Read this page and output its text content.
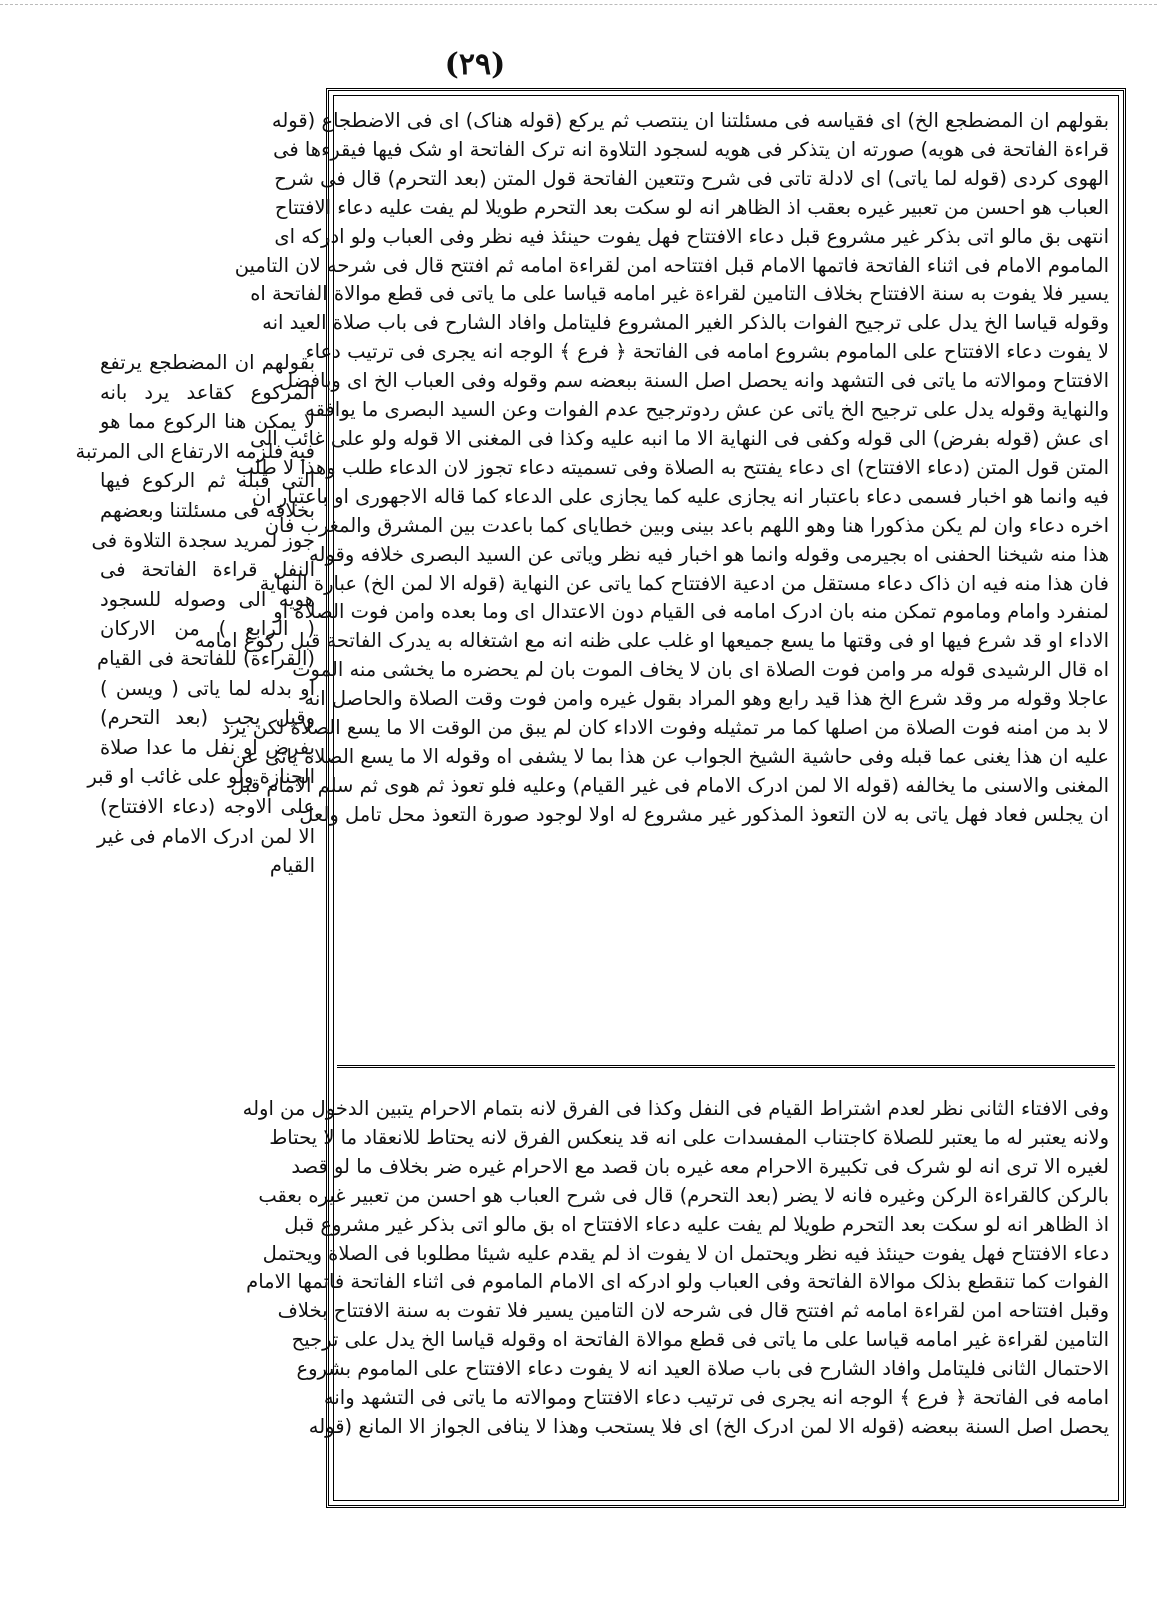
(٢٩)

بقولهم ان المضطجع یرتفع

المرکوع کقاعد یرد بانه

لا یمکن هنا الرکوع مما هو

فیه فلزمه الارتفاع الی المرتبة

التی قبله ثم الرکوع فیها

بخلافه فی مسئلتنا وبعضهم

جوز لمرید سجدة التلاوة فی

النفل قراءة الفاتحة فی

هویه الی وصوله للسجود

( الرابع ) من الارکان

(القراءة) للفاتحة فی القیام

او بدله لما یاتی ( ویسن )

وقیل یجب (بعد التحرم)

بفرض او نفل ما عدا صلاة

الجنازة ولو علی غائب او قبر

علی الاوجه (دعاء الافتتاح)

الا لمن ادرک الامام فی غیر

القیام

بقولهم ان المضطجع الخ) ای فقیاسه فی مسئلتنا ان ینتصب ثم یرکع (قوله هناک) ای فی الاضطجاع (قوله

قراءة الفاتحة فی هویه) صورته ان یتذکر فی هویه لسجود التلاوة انه ترک الفاتحة او شک فیها فیقرءها فی

الهوی کردی (قوله لما یاتی) ای لادلة تاتی فی شرح وتتعین الفاتحة قول المتن (بعد التحرم) قال فی شرح

العباب هو احسن من تعبیر غیره بعقب اذ الظاهر انه لو سکت بعد التحرم طویلا لم یفت علیه دعاء الافتتاح

انتهی بق مالو اتی بذکر غیر مشروع قبل دعاء الافتتاح فهل یفوت حینئذ فیه نظر وفی العباب ولو ادرکه ای

الماموم الامام فی اثناء الفاتحة فاتمها الامام قبل افتتاحه امن لقراءة امامه ثم افتتح قال فی شرحه لان التامین

یسیر فلا یفوت به سنة الافتتاح بخلاف التامین لقراءة غیر امامه قیاسا علی ما یاتی فی قطع موالاة الفاتحة اه

وقوله قیاسا الخ یدل علی ترجیح الفوات بالذکر الغیر المشروع فلیتامل وافاد الشارح فی باب صلاة العید انه

لا یفوت دعاء الافتتاح علی الماموم بشروع امامه فی الفاتحة ﴿ فرع ﴾ الوجه انه یجری فی ترتیب دعاء

الافتتاح وموالاته ما یاتی فی التشهد وانه یحصل اصل السنة ببعضه سم وقوله وفی العباب الخ ای وبافضل

والنهایة وقوله یدل علی ترجیح الخ یاتی عن عش ردوترجیح عدم الفوات وعن السید البصری ما یوافقه

ای عش (قوله بفرض) الی قوله وکفی فی النهایة الا ما انبه علیه وکذا فی المغنی الا قوله ولو علی غائب الی

المتن قول المتن (دعاء الافتتاح) ای دعاء یفتتح به الصلاة وفی تسمیته دعاء تجوز لان الدعاء طلب وهذا لا طلب

فیه وانما هو اخبار فسمی دعاء باعتبار انه یجازی علیه کما یجازی علی الدعاء کما قاله الاجهوری او باعتبار ان

اخره دعاء وان لم یکن مذکورا هنا وهو اللهم باعد بینی وبین خطایای کما باعدت بین المشرق والمغرب فان

هذا منه شیخنا الحفنی اه بجیرمی وقوله وانما هو اخبار فیه نظر ویاتی عن السید البصری خلافه وقوله

فان هذا منه فیه ان ذاک دعاء مستقل من ادعیة الافتتاح کما یاتی عن النهایة (قوله الا لمن الخ) عبارة النهایة

لمنفرد وامام وماموم تمکن منه بان ادرک امامه فی القیام دون الاعتدال ای وما بعده وامن فوت الصلاة او

الاداء او قد شرع فیها او فی وقتها ما یسع جمیعها او غلب علی ظنه انه مع اشتغاله به یدرک الفاتحة قبل رکوع امامه

اه قال الرشیدی قوله مر وامن فوت الصلاة ای بان لا یخاف الموت بان لم یحضره ما یخشی منه الموت

عاجلا وقوله مر وقد شرع الخ هذا قید رابع وهو المراد بقول غیره وامن فوت وقت الصلاة والحاصل انه

لا بد من امنه فوت الصلاة من اصلها کما مر تمثیله وفوت الاداء کان لم یبق من الوقت الا ما یسع الصلاة لکن یرد

علیه ان هذا یغنی عما قبله وفی حاشیة الشیخ الجواب عن هذا بما لا یشفی اه وقوله الا ما یسع الصلاة یاتی عن

المغنی والاسنی ما یخالفه (قوله الا لمن ادرک الامام فی غیر القیام) وعلیه فلو تعوذ ثم هوی ثم سلم الامام قبل

ان یجلس فعاد فهل یاتی به لان التعوذ المذکور غیر مشروع له اولا لوجود صورة التعوذ محل تامل ولعل

وفی الافتاء الثانی نظر لعدم اشتراط القیام فی النفل وکذا فی الفرق لانه بتمام الاحرام یتبین الدخول من اوله

ولانه یعتبر له ما یعتبر للصلاة کاجتناب المفسدات علی انه قد ینعکس الفرق لانه یحتاط للانعقاد ما لا یحتاط

لغیره الا تری انه لو شرک فی تکبیرة الاحرام معه غیره بان قصد مع الاحرام غیره ضر بخلاف ما لو قصد

بالرکن کالقراءة الرکن وغیره فانه لا یضر (بعد التحرم) قال فی شرح العباب هو احسن من تعبیر غیره بعقب

اذ الظاهر انه لو سکت بعد التحرم طویلا لم یفت علیه دعاء الافتتاح اه بق مالو اتی بذکر غیر مشروع قبل

دعاء الافتتاح فهل یفوت حینئذ فیه نظر ویحتمل ان لا یفوت اذ لم یقدم علیه شیئا مطلوبا فی الصلاة ویحتمل

الفوات کما تنقطع بذلک موالاة الفاتحة وفی العباب ولو ادرکه ای الامام الماموم فی اثناء الفاتحة فاتمها الامام

وقبل افتتاحه امن لقراءة امامه ثم افتتح قال فی شرحه لان التامین یسیر فلا تفوت به سنة الافتتاح بخلاف

التامین لقراءة غیر امامه قیاسا علی ما یاتی فی قطع موالاة الفاتحة اه وقوله قیاسا الخ یدل علی ترجیح

الاحتمال الثانی فلیتامل وافاد الشارح فی باب صلاة العید انه لا یفوت دعاء الافتتاح علی الماموم بشروع

امامه فی الفاتحة ﴿ فرع ﴾ الوجه انه یجری فی ترتیب دعاء الافتتاح وموالاته ما یاتی فی التشهد وانه

یحصل اصل السنة ببعضه (قوله الا لمن ادرک الخ) ای فلا یستحب وهذا لا ینافی الجواز الا المانع (قوله
